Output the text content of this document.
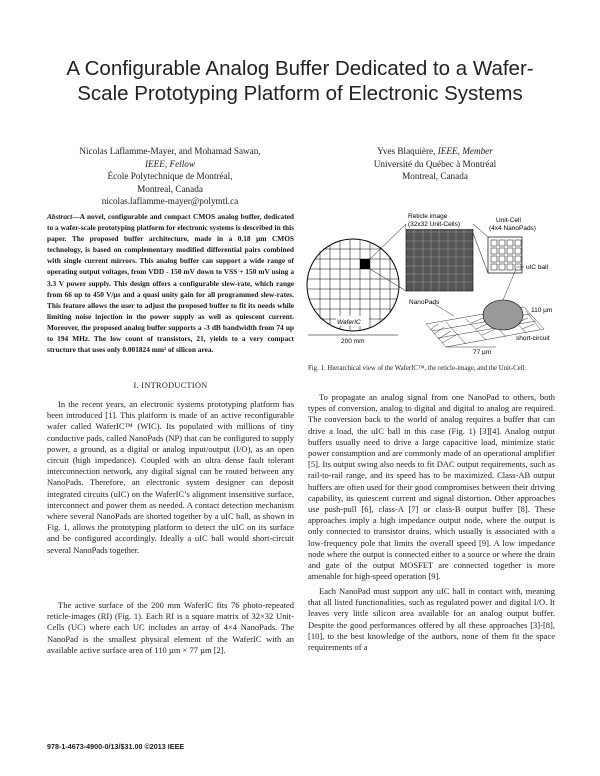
A Configurable Analog Buffer Dedicated to a Wafer-
Scale Prototyping Platform of Electronic Systems
Nicolas Laflamme-Mayer, and Mohamad Sawan,
IEEE, Fellow
École Polytechnique de Montréal,
Montreal, Canada
nicolas.laflamme-mayer@polymtl.ca
Yves Blaquière, IEEE, Member
Université du Québec à Montréal
Montreal, Canada
Abstract—A novel, configurable and compact CMOS analog buffer, dedicated to a wafer-scale prototyping platform for electronic systems is described in this paper. The proposed buffer architecture, made in a 0.18 µm CMOS technology, is based on complementary modified differential pairs combined with single current mirrors. This analog buffer can support a wide range of operating output voltages, from VDD - 150 mV down to VSS + 150 mV using a 3.3 V power supply. This design offers a configurable slew-rate, which range from 66 up to 450 V/µs and a quasi unity gain for all programmed slew-rates. This feature allows the user to adjust the proposed buffer to fit its needs while limiting noise injection in the power supply as well as quiescent current. Moreover, the proposed analog buffer supports a -3 dB bandwidth from 74 up to 194 MHz. The low count of transistors, 21, yields to a very compact structure that uses only 0.001824 mm² of silicon area.
I. INTRODUCTION

In the recent years, an electronic systems prototyping platform has been introduced [1]. This platform is made of an active reconfigurable wafer called WaferIC™ (WIC). Its populated with millions of tiny conductive pads, called NanoPads (NP) that can be configured to supply power, a ground, as a digital or analog input/output (I/O), as an open circuit (high impedance). Coupled with an ultra dense fault tolerant interconnection network, any digital signal can be routed between any NanoPads. Therefore, an electronic system designer can deposit integrated circuits (uIC) on the WaferIC’s alignment insensitive surface, interconnect and power them as needed. A contact detection mechanism where several NanoPads are shorted together by a uIC ball, as shown in Fig. 1, allows the prototyping platform to detect the uIC on its surface and be configured accordingly. Ideally a uIC ball would short-circuit several NanoPads together.

The active surface of the 200 mm WaferIC fits 76 photo-repeated reticle-images (RI) (Fig. 1). Each RI is a square matrix of 32×32 Unit-Cells (UC) where each UC includes an array of 4×4 NanoPads. The NanoPad is the smallest physical element of the WaferIC with an available active surface area of 110 µm × 77 µm [2].

WaferIC
200 mm
Reticle image
(32x32 Unit-Cells)
Unit-Cell
(4x4 NanoPads)
uIC ball
NanoPads
110 µm
short-circuit
77 µm
Fig. 1. Hierarchical view of the WaferIC™, the reticle-image, and the Unit-Cell.

To propagate an analog signal from one NanoPad to others, both types of conversion, analog to digital and digital to analog are required. The conversion back to the world of analog requires a buffer that can drive a load, the uIC ball in this case (Fig. 1) [3][4]. Analog output buffers usually need to drive a large capacitive load, minimize static power consumption and are commonly made of an operational amplifier [5]. Its output swing also needs to fit DAC output requirements, such as rail-to-rail range, and its speed has to be maximized. Class-AB output buffers are often used for their good compromises between their driving capability, its quiescent current and signal distortion. Other approaches use push-pull [6], class-A [7] or class-B output buffer [8]. These approaches imply a high impedance output node, where the output is only connected to transistor drains, which usually is associated with a low-frequency pole that limits the overall speed [9]. A low impedance node where the output is connected either to a source or where the drain and gate of the output MOSFET are connected together is more amenable for high-speed operation [9].

Each NanoPad must support any uIC ball in contact with, meaning that all listed functionalities, such as regulated power and digital I/O. It leaves very little silicon area available for an analog output buffer. Despite the good performances offered by all these approaches [3]-[8], [10], to the best knowledge of the authors, none of them fit the space requirements of a

978-1-4673-4900-0/13/$31.00 ©2013 IEEE
